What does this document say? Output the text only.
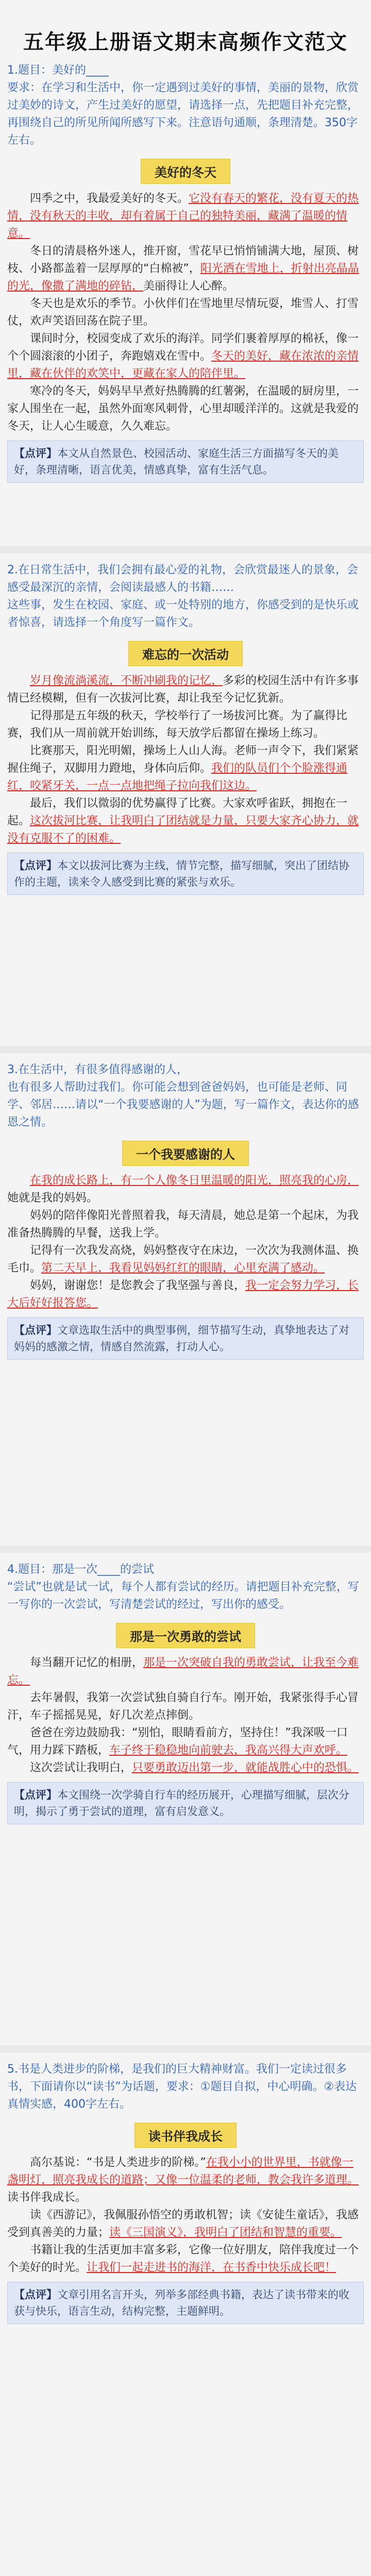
五年级上册语文期末高频作文范文
1.题目：美好的____
要求：在学习和生活中，你一定遇到过美好的事情，美丽的景物，欣赏过美妙的诗文，产生过美好的愿望，请选择一点，先把题目补充完整，再围绕自己的所见所闻所感写下来。注意语句通顺，条理清楚。350字左右。
美好的冬天

四季之中，我最爱美好的冬天。它没有春天的繁花，没有夏天的热情，没有秋天的丰收，却有着属于自己的独特美丽，藏满了温暖的情意。

冬日的清晨格外迷人，推开窗，雪花早已悄悄铺满大地，屋顶、树枝、小路都盖着一层厚厚的“白棉被”，阳光洒在雪地上，折射出亮晶晶的光，像撒了满地的碎钻，美丽得让人心醉。

冬天也是欢乐的季节。小伙伴们在雪地里尽情玩耍，堆雪人、打雪仗，欢声笑语回荡在院子里。

课间时分，校园变成了欢乐的海洋。同学们裹着厚厚的棉袄，像一个个圆滚滚的小团子，奔跑嬉戏在雪中。冬天的美好，藏在浓浓的亲情里，藏在伙伴的欢笑中，更藏在家人的陪伴里。

寒冷的冬天，妈妈早早煮好热腾腾的红薯粥，在温暖的厨房里，一家人围坐在一起，虽然外面寒风刺骨，心里却暖洋洋的。这就是我爱的冬天，让人心生暖意，久久难忘。

【点评】本文从自然景色、校园活动、家庭生活三方面描写冬天的美好，条理清晰，语言优美，情感真挚，富有生活气息。
2.在日常生活中，我们会拥有最心爱的礼物，会欣赏最迷人的景象，会感受最深沉的亲情，会阅读最感人的书籍……
这些事，发生在校园、家庭、或一处特别的地方，你感受到的是快乐或者惊喜，请选择一个角度写一篇作文。
难忘的一次活动

岁月像流淌溪流，不断冲刷我的记忆，多彩的校园生活中有许多事情已经模糊，但有一次拔河比赛，却让我至今记忆犹新。

记得那是五年级的秋天，学校举行了一场拔河比赛。为了赢得比赛，我们从一周前就开始训练，每天放学后都留在操场上练习。

比赛那天，阳光明媚，操场上人山人海。老师一声令下，我们紧紧握住绳子，双脚用力蹬地，身体向后仰。我们的队员们个个脸涨得通红，咬紧牙关，一点一点地把绳子拉向我们这边。

最后，我们以微弱的优势赢得了比赛。大家欢呼雀跃，拥抱在一起。这次拔河比赛，让我明白了团结就是力量，只要大家齐心协力，就没有克服不了的困难。

【点评】本文以拔河比赛为主线，情节完整，描写细腻，突出了团结协作的主题，读来令人感受到比赛的紧张与欢乐。
3.在生活中，有很多值得感谢的人，
也有很多人帮助过我们。你可能会想到爸爸妈妈，也可能是老师、同学、邻居……请以“一个我要感谢的人”为题，写一篇作文，表达你的感恩之情。
一个我要感谢的人

在我的成长路上，有一个人像冬日里温暖的阳光，照亮我的心房，她就是我的妈妈。

妈妈的陪伴像阳光普照着我，每天清晨，她总是第一个起床，为我准备热腾腾的早餐，送我上学。

记得有一次我发高烧，妈妈整夜守在床边，一次次为我测体温、换毛巾。第二天早上，我看见妈妈红红的眼睛，心里充满了感动。

妈妈，谢谢您！是您教会了我坚强与善良，我一定会努力学习，长大后好好报答您。

【点评】文章选取生活中的典型事例，细节描写生动，真挚地表达了对妈妈的感激之情，情感自然流露，打动人心。
4.题目：那是一次____的尝试
“尝试”也就是试一试，每个人都有尝试的经历。请把题目补充完整，写一写你的一次尝试，写清楚尝试的经过，写出你的感受。
那是一次勇敢的尝试

每当翻开记忆的相册，那是一次突破自我的勇敢尝试，让我至今难忘。

去年暑假，我第一次尝试独自骑自行车。刚开始，我紧张得手心冒汗，车子摇摇晃晃，好几次差点摔倒。

爸爸在旁边鼓励我：“别怕，眼睛看前方，坚持住！”我深吸一口气，用力踩下踏板，车子终于稳稳地向前驶去，我高兴得大声欢呼。

这次尝试让我明白，只要勇敢迈出第一步，就能战胜心中的恐惧。

【点评】本文围绕一次学骑自行车的经历展开，心理描写细腻，层次分明，揭示了勇于尝试的道理，富有启发意义。
5.书是人类进步的阶梯，是我们的巨大精神财富。我们一定读过很多书，下面请你以“读书”为话题，要求：①题目自拟，中心明确。②表达真情实感，400字左右。
读书伴我成长

高尔基说：“书是人类进步的阶梯。”在我小小的世界里，书就像一盏明灯，照亮我成长的道路；又像一位温柔的老师，教会我许多道理。读书伴我成长。

读《西游记》，我佩服孙悟空的勇敢机智；读《安徒生童话》，我感受到真善美的力量；读《三国演义》，我明白了团结和智慧的重要。

书籍让我的生活更加丰富多彩，它像一位好朋友，陪伴我度过一个个美好的时光。让我们一起走进书的海洋，在书香中快乐成长吧！

【点评】文章引用名言开头，列举多部经典书籍，表达了读书带来的收获与快乐，语言生动，结构完整，主题鲜明。
